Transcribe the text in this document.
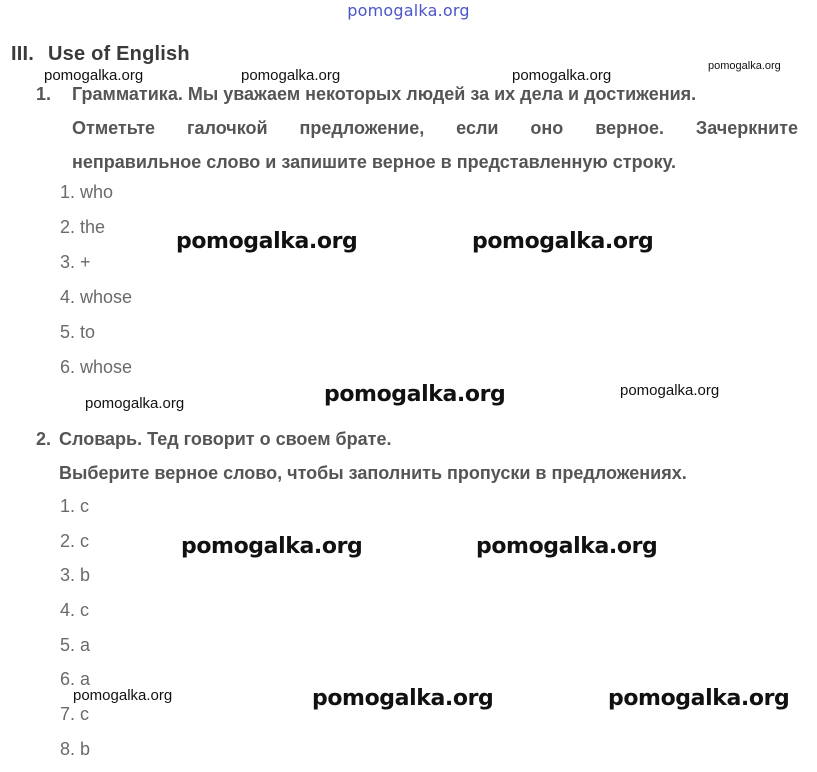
pomogalka.org
III. Use of English
1. Грамматика. Мы уважаем некоторых людей за их дела и достижения.
Отметьте галочкой предложение, если оно верное. Зачеркните
неправильное слово и запишите верное в представленную строку.
1. who
2. the
3. +
4. whose
5. to
6. whose
2. Словарь. Тед говорит о своем брате.
Выберите верное слово, чтобы заполнить пропуски в предложениях.
1. c
2. c
3. b
4. c
5. a
6. a
7. c
8. b
pomogalka.org	pomogalka.org	pomogalka.org
pomogalka.org
pomogalka.org	pomogalka.org
pomogalka.org	pomogalka.org	pomogalka.org
pomogalka.org	pomogalka.org
pomogalka.org	pomogalka.org	pomogalka.org
